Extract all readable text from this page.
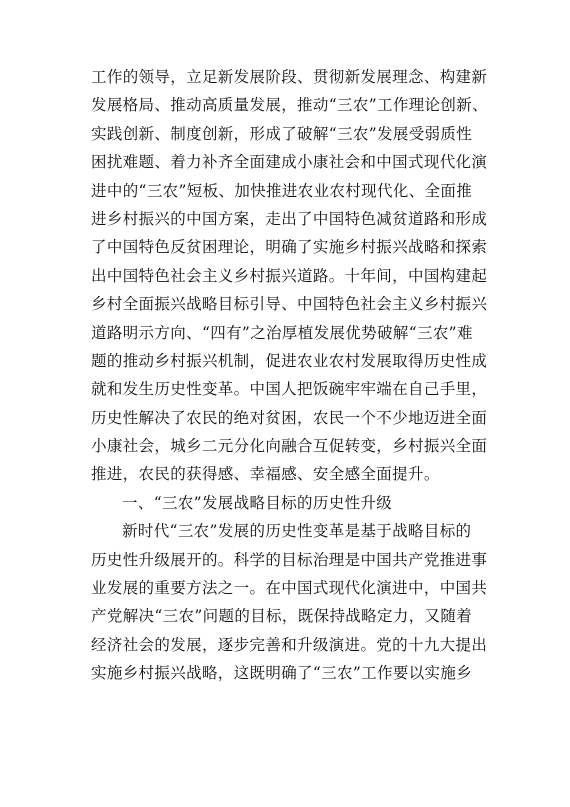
工作的领导，立足新发展阶段、贯彻新发展理念、构建新
发展格局、推动高质量发展，推动“三农”工作理论创新、
实践创新、制度创新，形成了破解“三农”发展受弱质性
困扰难题、着力补齐全面建成小康社会和中国式现代化演
进中的“三农”短板、加快推进农业农村现代化、全面推
进乡村振兴的中国方案，走出了中国特色减贫道路和形成
了中国特色反贫困理论，明确了实施乡村振兴战略和探索
出中国特色社会主义乡村振兴道路。十年间，中国构建起
乡村全面振兴战略目标引导、中国特色社会主义乡村振兴
道路明示方向、“四有”之治厚植发展优势破解“三农”难
题的推动乡村振兴机制，促进农业农村发展取得历史性成
就和发生历史性变革。中国人把饭碗牢牢端在自己手里，
历史性解决了农民的绝对贫困，农民一个不少地迈进全面
小康社会，城乡二元分化向融合互促转变，乡村振兴全面
推进，农民的获得感、幸福感、安全感全面提升。
一、“三农”发展战略目标的历史性升级
新时代“三农”发展的历史性变革是基于战略目标的
历史性升级展开的。科学的目标治理是中国共产党推进事
业发展的重要方法之一。在中国式现代化演进中，中国共
产党解决“三农”问题的目标，既保持战略定力，又随着
经济社会的发展，逐步完善和升级演进。党的十九大提出
实施乡村振兴战略，这既明确了“三农”工作要以实施乡
